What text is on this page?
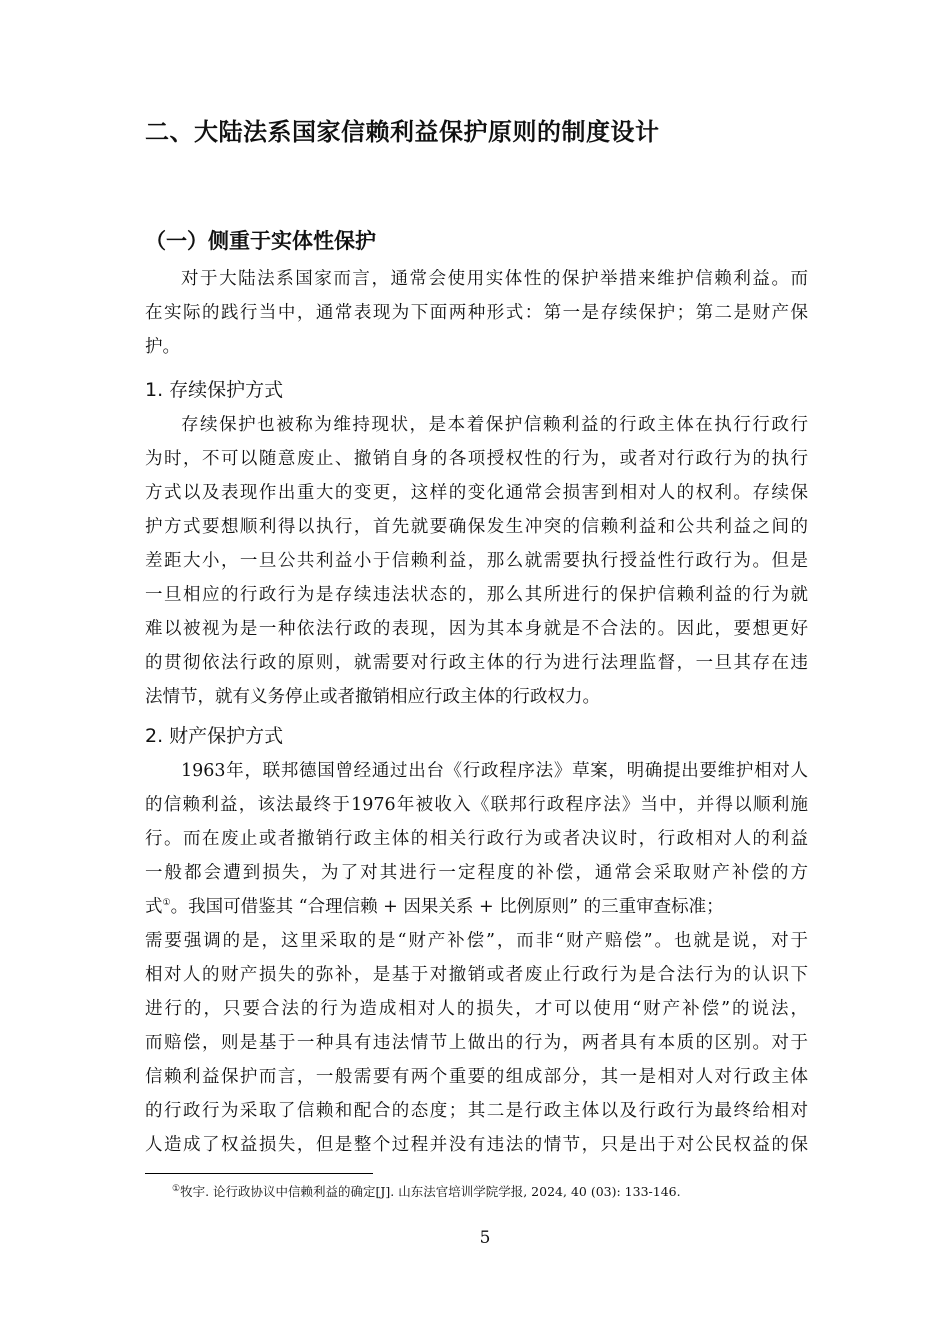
二、大陆法系国家信赖利益保护原则的制度设计
（一）侧重于实体性保护
对于大陆法系国家而言，通常会使用实体性的保护举措来维护信赖利益。而
在实际的践行当中，通常表现为下面两种形式：第一是存续保护；第二是财产保
护。
1. 存续保护方式
存续保护也被称为维持现状，是本着保护信赖利益的行政主体在执行行政行
为时，不可以随意废止、撤销自身的各项授权性的行为，或者对行政行为的执行
方式以及表现作出重大的变更，这样的变化通常会损害到相对人的权利。存续保
护方式要想顺利得以执行，首先就要确保发生冲突的信赖利益和公共利益之间的
差距大小，一旦公共利益小于信赖利益，那么就需要执行授益性行政行为。但是
一旦相应的行政行为是存续违法状态的，那么其所进行的保护信赖利益的行为就
难以被视为是一种依法行政的表现，因为其本身就是不合法的。因此，要想更好
的贯彻依法行政的原则，就需要对行政主体的行为进行法理监督，一旦其存在违
法情节，就有义务停止或者撤销相应行政主体的行政权力。
2. 财产保护方式
1963年，联邦德国曾经通过出台《行政程序法》草案，明确提出要维护相对人
的信赖利益，该法最终于1976年被收入《联邦行政程序法》当中，并得以顺利施
行。而在废止或者撤销行政主体的相关行政行为或者决议时，行政相对人的利益
一般都会遭到损失，为了对其进行一定程度的补偿，通常会采取财产补偿的方
式①。我国可借鉴其 “合理信赖 + 因果关系 + 比例原则” 的三重审查标准；
需要强调的是，这里采取的是“财产补偿”，而非“财产赔偿”。也就是说，对于
相对人的财产损失的弥补，是基于对撤销或者废止行政行为是合法行为的认识下
进行的，只要合法的行为造成相对人的损失，才可以使用“财产补偿”的说法，
而赔偿，则是基于一种具有违法情节上做出的行为，两者具有本质的区别。对于
信赖利益保护而言，一般需要有两个重要的组成部分，其一是相对人对行政主体
的行政行为采取了信赖和配合的态度；其二是行政主体以及行政行为最终给相对
人造成了权益损失，但是整个过程并没有违法的情节，只是出于对公民权益的保
①牧宇. 论行政协议中信赖利益的确定[J]. 山东法官培训学院学报, 2024, 40 (03): 133-146.
5
